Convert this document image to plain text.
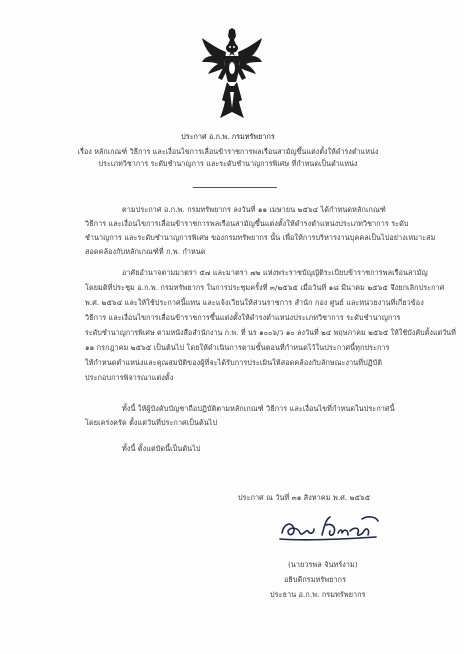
ประกาศ อ.ก.พ. กรมทรัพยากร
เรื่อง หลักเกณฑ์ วิธีการ และเงื่อนไขการเลื่อนข้าราชการพลเรือนสามัญขึ้นแต่งตั้งให้ดำรงตำแหน่ง
ประเภทวิชาการ ระดับชำนาญการ และระดับชำนาญการพิเศษ ที่กำหนดเป็นตำแหน่ง
ตามประกาศ อ.ก.พ. กรมทรัพยากร ลงวันที่ ๑๑ เมษายน ๒๕๖๔ ได้กำหนดหลักเกณฑ์
วิธีการ และเงื่อนไขการเลื่อนข้าราชการพลเรือนสามัญขึ้นแต่งตั้งให้ดำรงตำแหน่งประเภทวิชาการ ระดับ
ชำนาญการ และระดับชำนาญการพิเศษ ของกรมทรัพยากร นั้น เพื่อให้การบริหารงานบุคคลเป็นไปอย่างเหมาะสม
สอดคล้องกับหลักเกณฑ์ที่ ก.พ. กำหนด
อาศัยอำนาจตามมาตรา ๕๗ และมาตรา ๗๒ แห่งพระราชบัญญัติระเบียบข้าราชการพลเรือนสามัญ
โดยมติที่ประชุม อ.ก.พ. กรมทรัพยากร ในการประชุมครั้งที่ ๓/๒๕๖๕ เมื่อวันที่ ๑๘ มีนาคม ๒๕๖๕ จึงยกเลิกประกาศ
พ.ศ. ๒๕๖๔ และให้ใช้ประกาศนี้แทน และแจ้งเวียนให้ส่วนราชการ สำนัก กอง ศูนย์ และหน่วยงานที่เกี่ยวข้อง
วิธีการ และเงื่อนไขการเลื่อนข้าราชการขึ้นแต่งตั้งให้ดำรงตำแหน่งประเภทวิชาการ ระดับชำนาญการ
ระดับชำนาญการพิเศษ ตามหนังสือสำนักงาน ก.พ. ที่ นร ๑๐๐๖/ว ๑๐ ลงวันที่ ๒๔ พฤษภาคม ๒๕๖๕ ให้ใช้บังคับตั้งแต่วันที่
๑๑ กรกฎาคม ๒๕๖๕ เป็นต้นไป โดยให้ดำเนินการตามขั้นตอนที่กำหนดไว้ในประกาศนี้ทุกประการ
ให้กำหนดตำแหน่งและคุณสมบัติของผู้ที่จะได้รับการประเมินให้สอดคล้องกับลักษณะงานที่ปฏิบัติ
ประกอบการพิจารณาแต่งตั้ง
ทั้งนี้ ให้ผู้บังคับบัญชาถือปฏิบัติตามหลักเกณฑ์ วิธีการ และเงื่อนไขที่กำหนดในประกาศนี้
โดยเคร่งครัด ตั้งแต่วันที่ประกาศเป็นต้นไป
ทั้งนี้ ตั้งแต่บัดนี้เป็นต้นไป
ประกาศ ณ วันที่ ๓๑ สิงหาคม พ.ศ. ๒๕๖๕
(นายวรพล จันทร์งาม)
อธิบดีกรมทรัพยากร
ประธาน อ.ก.พ. กรมทรัพยากร
